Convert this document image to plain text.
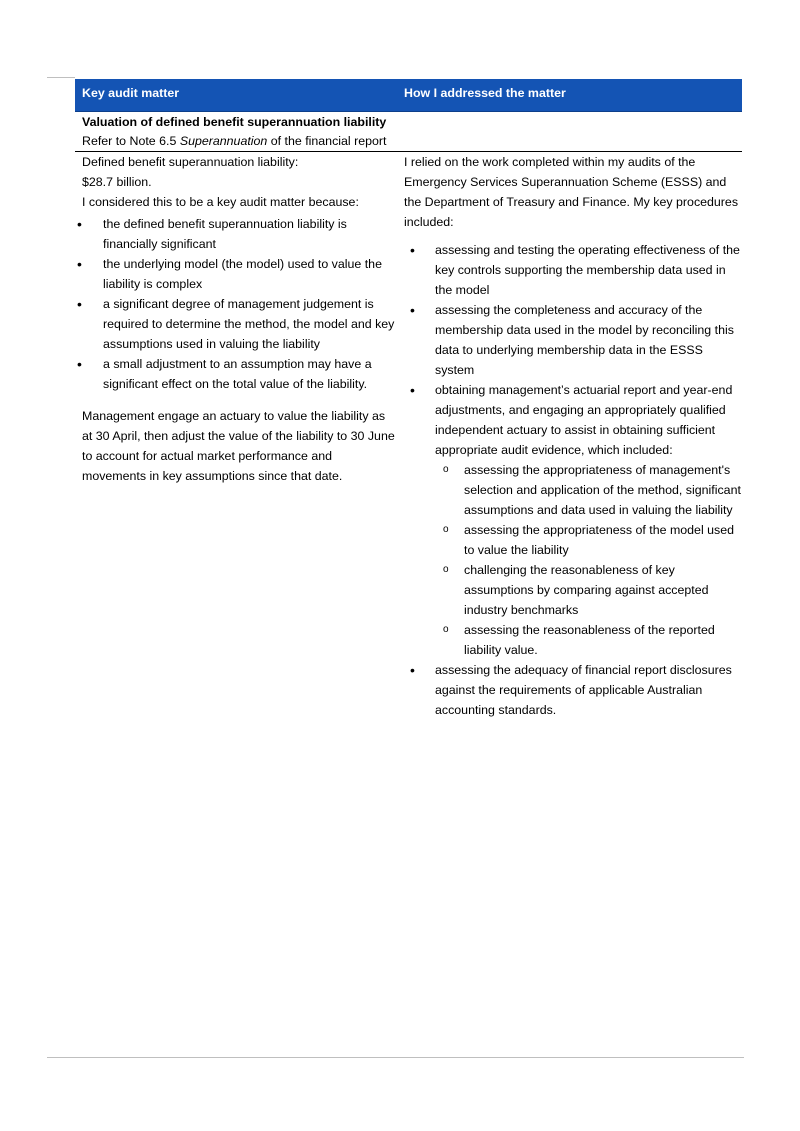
Key audit matter	How I addressed the matter
Valuation of defined benefit superannuation liability
Refer to Note 6.5 Superannuation of the financial report

Defined benefit superannuation liability:

$28.7 billion.

I considered this to be a key audit matter because:

• the defined benefit superannuation liability is financially significant
• the underlying model (the model) used to value the liability is complex
• a significant degree of management judgement is required to determine the method, the model and key assumptions used in valuing the liability
• a small adjustment to an assumption may have a significant effect on the total value of the liability.

Management engage an actuary to value the liability as at 30 April, then adjust the value of the liability to 30 June to account for actual market performance and movements in key assumptions since that date.

I relied on the work completed within my audits of the Emergency Services Superannuation Scheme (ESSS) and the Department of Treasury and Finance. My key procedures included:

• assessing and testing the operating effectiveness of the key controls supporting the membership data used in the model
• assessing the completeness and accuracy of the membership data used in the model by reconciling this data to underlying membership data in the ESSS system
• obtaining management’s actuarial report and year-end adjustments, and engaging an appropriately qualified independent actuary to assist in obtaining sufficient appropriate audit evidence, which included:
o assessing the appropriateness of management's selection and application of the method, significant assumptions and data used in valuing the liability
o assessing the appropriateness of the model used to value the liability
o challenging the reasonableness of key assumptions by comparing against accepted industry benchmarks
o assessing the reasonableness of the reported liability value.
• assessing the adequacy of financial report disclosures against the requirements of applicable Australian accounting standards.
